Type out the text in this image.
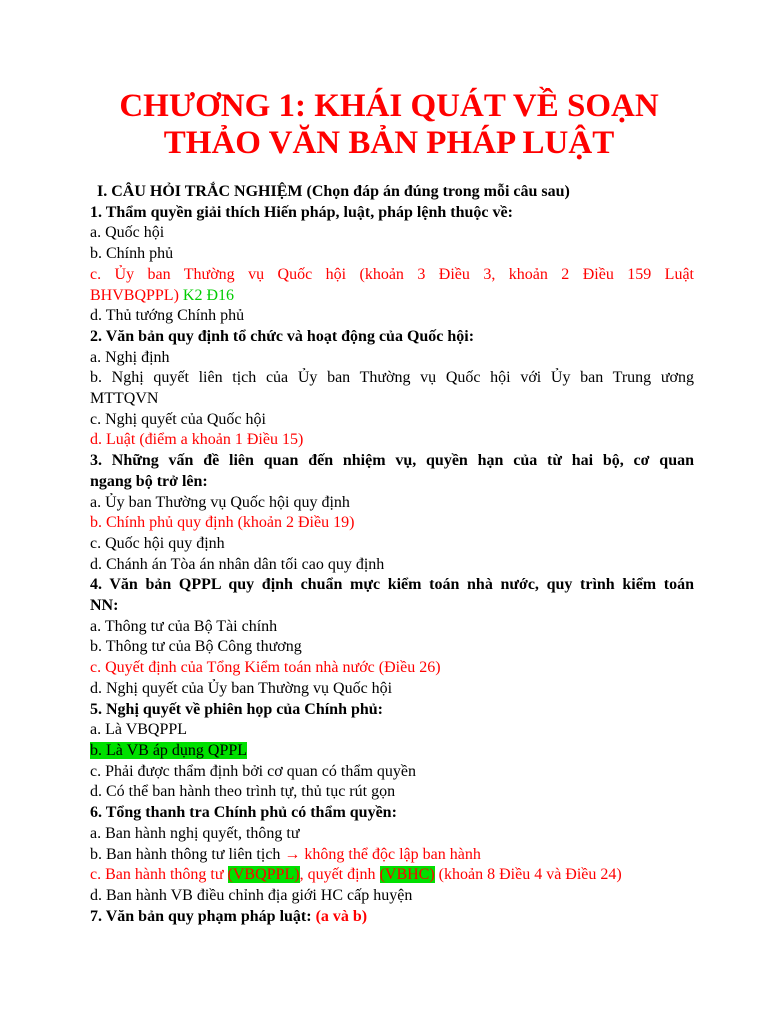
CHƯƠNG 1: KHÁI QUÁT VỀ SOẠN
THẢO VĂN BẢN PHÁP LUẬT
I. CÂU HỎI TRẮC NGHIỆM (Chọn đáp án đúng trong mỗi câu sau)
1. Thẩm quyền giải thích Hiến pháp, luật, pháp lệnh thuộc về:
a. Quốc hội
b. Chính phủ
c. Ủy ban Thường vụ Quốc hội (khoản 3 Điều 3, khoản 2 Điều 159 Luật
BHVBQPPL) K2 Đ16
d. Thủ tướng Chính phủ
2. Văn bản quy định tổ chức và hoạt động của Quốc hội:
a. Nghị định
b. Nghị quyết liên tịch của Ủy ban Thường vụ Quốc hội với Ủy ban Trung ương
MTTQVN
c. Nghị quyết của Quốc hội
d. Luật (điểm a khoản 1 Điều 15)
3. Những vấn đề liên quan đến nhiệm vụ, quyền hạn của từ hai bộ, cơ quan
ngang bộ trở lên:
a. Ủy ban Thường vụ Quốc hội quy định
b. Chính phủ quy định (khoản 2 Điều 19)
c. Quốc hội quy định
d. Chánh án Tòa án nhân dân tối cao quy định
4. Văn bản QPPL quy định chuẩn mực kiểm toán nhà nước, quy trình kiểm toán
NN:
a. Thông tư của Bộ Tài chính
b. Thông tư của Bộ Công thương
c. Quyết định của Tổng Kiểm toán nhà nước (Điều 26)
d. Nghị quyết của Ủy ban Thường vụ Quốc hội
5. Nghị quyết về phiên họp của Chính phủ:
a. Là VBQPPL
b. Là VB áp dụng QPPL
c. Phải được thẩm định bởi cơ quan có thẩm quyền
d. Có thể ban hành theo trình tự, thủ tục rút gọn
6. Tổng thanh tra Chính phủ có thẩm quyền:
a. Ban hành nghị quyết, thông tư
b. Ban hành thông tư liên tịch → không thể độc lập ban hành
c. Ban hành thông tư (VBQPPL), quyết định (VBHC) (khoản 8 Điều 4 và Điều 24)
d. Ban hành VB điều chỉnh địa giới HC cấp huyện
7. Văn bản quy phạm pháp luật: (a và b)
